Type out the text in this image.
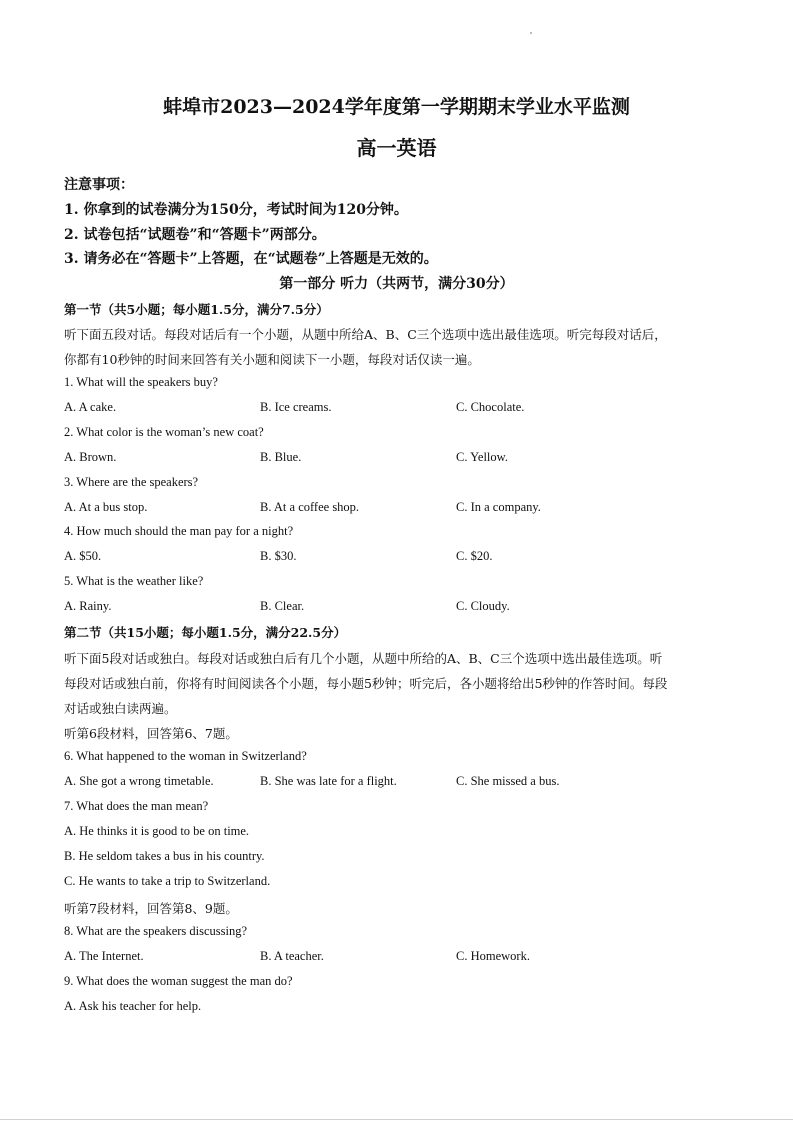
蚌埠市2023—2024学年度第一学期期末学业水平监测
高一英语
注意事项：
1. 你拿到的试卷满分为150分，考试时间为120分钟。
2. 试卷包括“试题卷”和“答题卡”两部分。
3. 请务必在“答题卡”上答题，在“试题卷”上答题是无效的。
第一部分 听力（共两节，满分30分）
第一节（共5小题；每小题1.5分，满分7.5分）
听下面五段对话。每段对话后有一个小题，从题中所给A、B、C三个选项中选出最佳选项。听完每段对话后，
你都有10秒钟的时间来回答有关小题和阅读下一小题，每段对话仅读一遍。
1. What will the speakers buy?
A. A cake.	B. Ice creams.	C. Chocolate.
2. What color is the woman’s new coat?
A. Brown.	B. Blue.	C. Yellow.
3. Where are the speakers?
A. At a bus stop.	B. At a coffee shop.	C. In a company.
4. How much should the man pay for a night?
A. $50.	B. $30.	C. $20.
5. What is the weather like?
A. Rainy.	B. Clear.	C. Cloudy.
第二节（共15小题；每小题1.5分，满分22.5分）
听下面5段对话或独白。每段对话或独白后有几个小题，从题中所给的A、B、C三个选项中选出最佳选项。听
每段对话或独白前，你将有时间阅读各个小题，每小题5秒钟；听完后，各小题将给出5秒钟的作答时间。每段
对话或独白读两遍。
听第6段材料，回答第6、7题。
6. What happened to the woman in Switzerland?
A. She got a wrong timetable.	B. She was late for a flight.	C. She missed a bus.
7. What does the man mean?
A. He thinks it is good to be on time.
B. He seldom takes a bus in his country.
C. He wants to take a trip to Switzerland.
听第7段材料，回答第8、9题。
8. What are the speakers discussing?
A. The Internet.	B. A teacher.	C. Homework.
9. What does the woman suggest the man do?
A. Ask his teacher for help.
